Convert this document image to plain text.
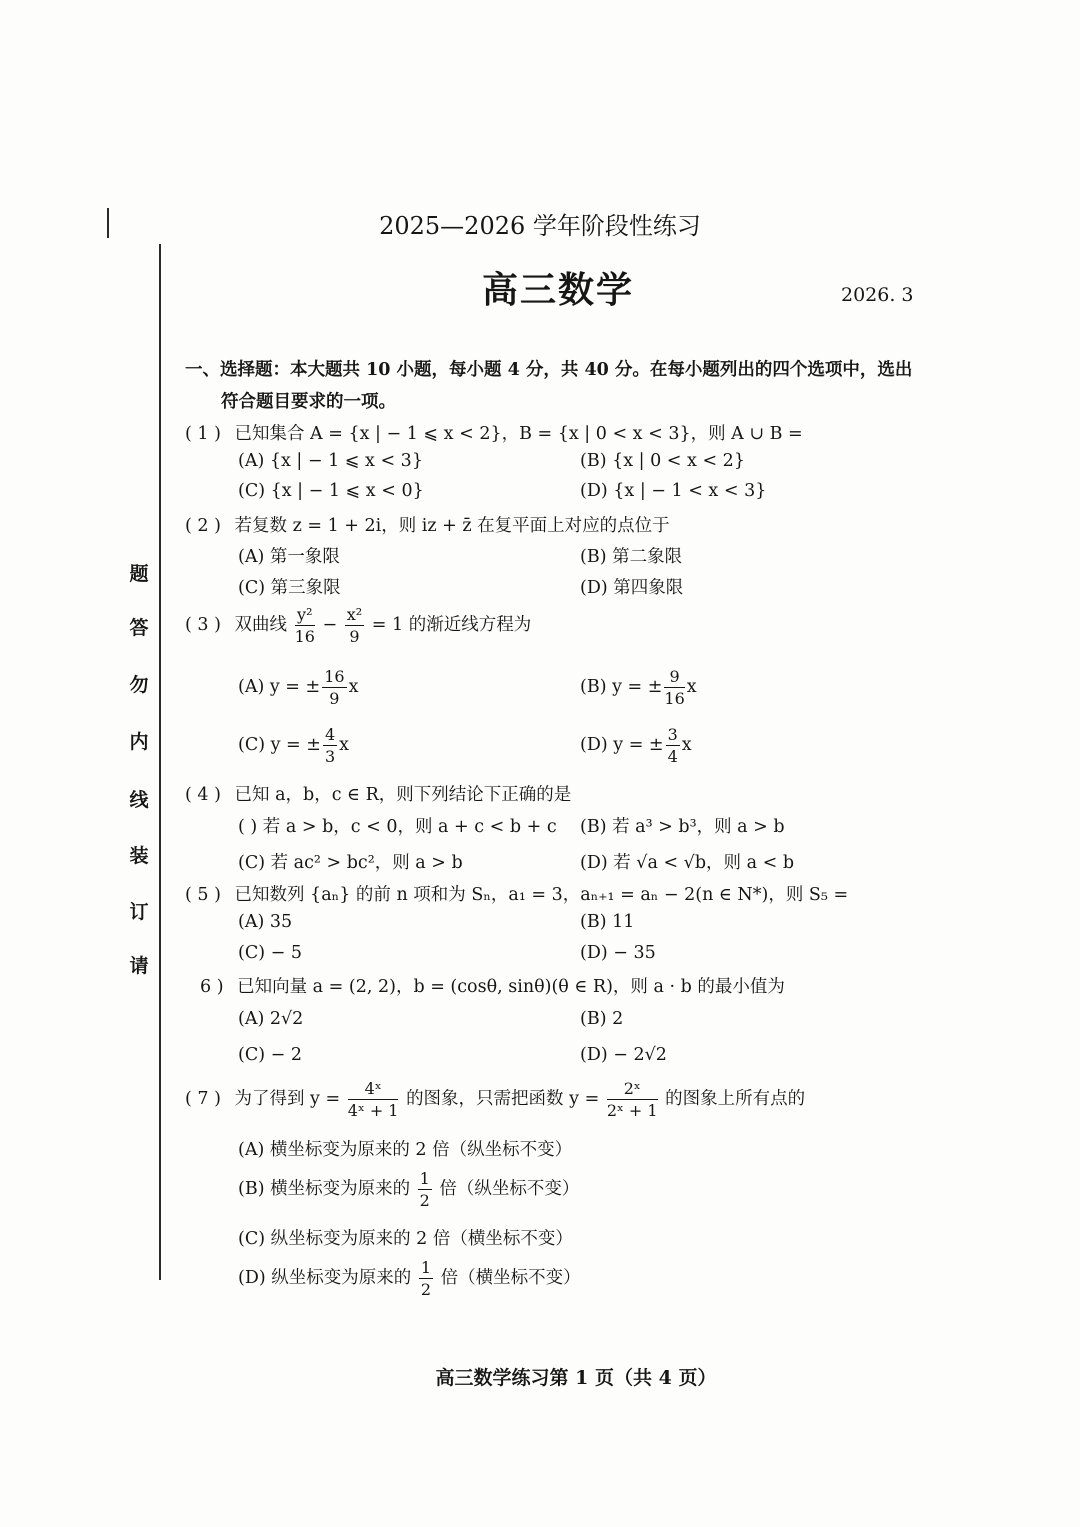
题
答
勿
内
线
装
订
请
2025—2026 学年阶段性练习
高三数学	2026. 3
一、选择题：本大题共 10 小题，每小题 4 分，共 40 分。在每小题列出的四个选项中，选出
符合题目要求的一项。
( 1 ) 已知集合 A = {x | − 1 ⩽ x < 2}，B = {x | 0 < x < 3}，则 A ∪ B =
(A) {x | − 1 ⩽ x < 3}	(B) {x | 0 < x < 2}
(C) {x | − 1 ⩽ x < 0}	(D) {x | − 1 < x < 3}
( 2 ) 若复数 z = 1 + 2i，则 iz + z̄ 在复平面上对应的点位于
(A) 第一象限	(B) 第二象限
(C) 第三象限	(D) 第四象限
( 3 ) 双曲线 $\frac{\text{y²}}{16} - \frac{\text{x²}}{9} = 1$ 的渐近线方程为
(A) y = ± $\frac{16}{9}$ x	(B) y = ± $\frac{9}{16}$ x
(C) y = ± $\frac{4}{3}$ x	(D) y = ± $\frac{3}{4}$ x
( 4 ) 已知 a，b，c ∈ R，则下列结论下正确的是
( ) 若 a > b，c < 0，则 a + c < b + c (B) 若 a³ > b³，则 a > b
(C) 若 ac² > bc²，则 a > b	(D) 若 √a < √b，则 a < b
( 5 ) 已知数列 {aₙ} 的前 n 项和为 Sₙ，a₁ = 3，aₙ₊₁ = aₙ − 2(n ∈ N*)，则 S₅ =
(A) 35	(B) 11
(C) − 5	(D) − 35
6 ) 已知向量 a = (2, 2)，b = (cosθ, sinθ)(θ ∈ R)，则 a · b 的最小值为
(A) 2√2	(B) 2
(C) − 2	(D) − 2√2
( 7 ) 为了得到 $y = \frac{\text{4ˣ}}{\text{4ˣ + 1}}$ 的图象，只需把函数 $y = \frac{\text{2ˣ}}{\text{2ˣ + 1}}$ 的图象上所有点的
(A) 横坐标变为原来的 2 倍（纵坐标不变）
(B) 横坐标变为原来的 $\frac{1}{2}$ 倍（纵坐标不变）
(C) 纵坐标变为原来的 2 倍（横坐标不变）
(D) 纵坐标变为原来的 $\frac{1}{2}$ 倍（横坐标不变）
高三数学练习第 1 页（共 4 页）
